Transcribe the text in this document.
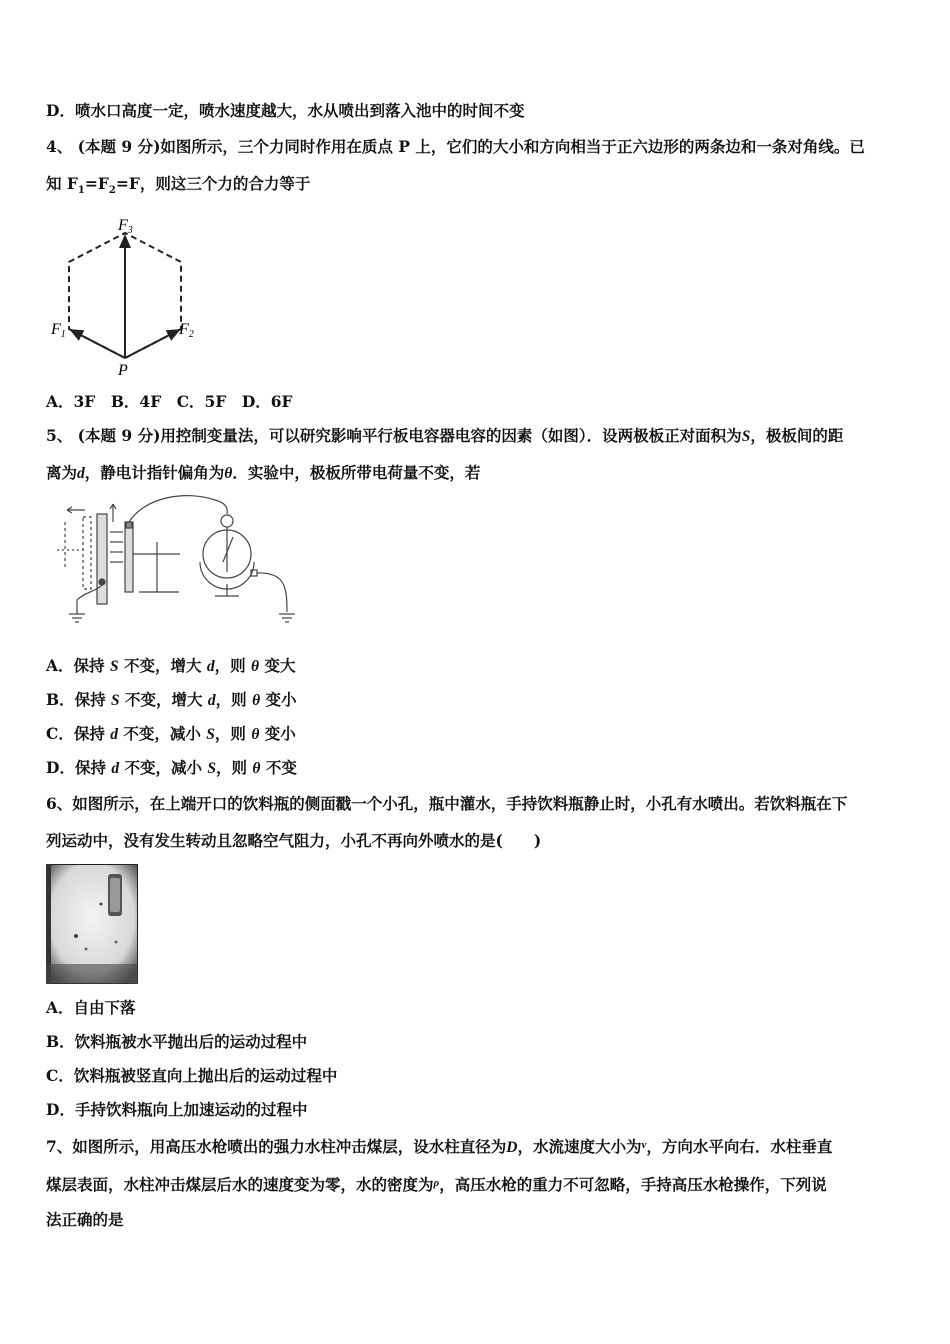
D．喷水口高度一定，喷水速度越大，水从喷出到落入池中的时间不变
4、 (本题 9 分)如图所示，三个力同时作用在质点 P 上，它们的大小和方向相当于正六边形的两条边和一条对角线。已
知 $F_1=F_2=F$，则这三个力的合力等于
F3
F1	F2
P
A．3F　B．4F　C．5F　D．6F
5、 (本题 9 分)用控制变量法，可以研究影响平行板电容器电容的因素（如图）．设两极板正对面积为S，极板间的距
离为d，静电计指针偏角为θ．实验中，极板所带电荷量不变，若
A．保持 S 不变，增大 d，则 θ 变大
B．保持 S 不变，增大 d，则 θ 变小
C．保持 d 不变，减小 S，则 θ 变小
D．保持 d 不变，减小 S，则 θ 不变
6、如图所示，在上端开口的饮料瓶的侧面戳一个小孔，瓶中灌水，手持饮料瓶静止时，小孔有水喷出。若饮料瓶在下
列运动中，没有发生转动且忽略空气阻力，小孔不再向外喷水的是(　　)
A．自由下落
B．饮料瓶被水平抛出后的运动过程中
C．饮料瓶被竖直向上抛出后的运动过程中
D．手持饮料瓶向上加速运动的过程中
7、如图所示，用高压水枪喷出的强力水柱冲击煤层，设水柱直径为D，水流速度大小为$^v$，方向水平向右．水柱垂直
煤层表面，水柱冲击煤层后水的速度变为零，水的密度为$^\rho$，高压水枪的重力不可忽略，手持高压水枪操作，下列说
法正确的是
